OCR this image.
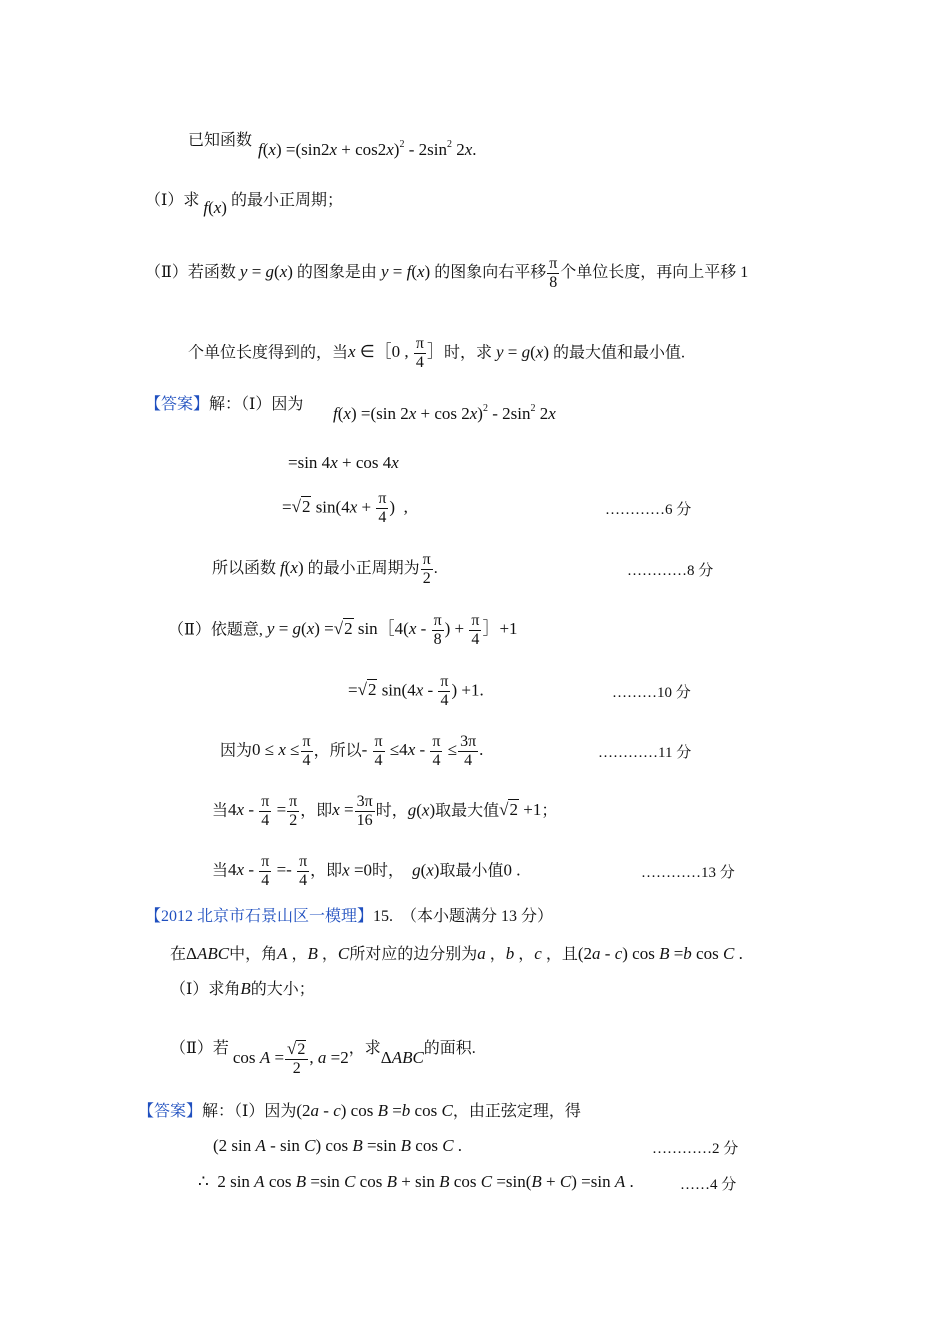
已知函数 $f(x) =(\sin 2x + \cos 2x)^2 - 2\sin^2$ 2x.
（Ⅰ）求 f(x) 的最小正周期；
（Ⅱ）若函数 y = g(x) 的图象是由 y = f(x) 的图象向右平移 $\frac{\pi}{8}$ 个单位长度，再向上平移 1
个单位长度得到的，当x ∈［0 , $\frac{\pi}{4}$ ］时，求 y = g(x) 的最大值和最小值.
【答案】解：（Ⅰ）因为 f(x) =(sin $2x + \cos 2x)^2 - 2\sin^2$ 2x
=sin 4x + cos 4x
=√2 $\sin(4x + \frac{\pi}{4}$ )  ,	…………6 分
所以函数 f(x) 的最小正周期为 $\frac{\pi}{2}$ .	…………8 分
（Ⅱ）依题意, y = g(x) =√2 sin［4(x - $\frac{\pi}{8}$ ) + $\frac{\pi}{4}$ ］+1
=√2 $\sin(4x - \frac{\pi}{4}$ ) +1.	………10 分
因为$0 \le x \le \frac{\pi}{4}$ ，所以- $\frac{\pi}{4} \le 4x - \frac{\pi}{4} \le \frac{3\pi}{4}$ .	…………11 分
当$4x - \frac{\pi}{4} = \frac{\pi}{2}$ ，即$x = \frac{3\pi}{16}$ 时，g(x)取最大值√2 +1；
当$4x - \frac{\pi}{4} =- \frac{\pi}{4}$ ，即x =0时， g(x)取最小值0 .	…………13 分
【2012 北京市石景山区一模理】15. （本小题满分 13 分）
在ΔABC中，角A ，B ，C所对应的边分别为a ，b ，c ，且(2a - c) cos B =b cos C .
（Ⅰ）求角B的大小；
（Ⅱ）若 $\cos A = \frac{√2}{2}$ , a =2，求ΔABC的面积.
【答案】解：（Ⅰ）因为(2a - c) cos B =b cos C，由正弦定理，得
(2 sin A - sin C) cos B =sin B cos C .	…………2 分
∴  2 sin A cos B =sin C cos B + sin B cos C =sin(B + C) =sin A .	……4 分
